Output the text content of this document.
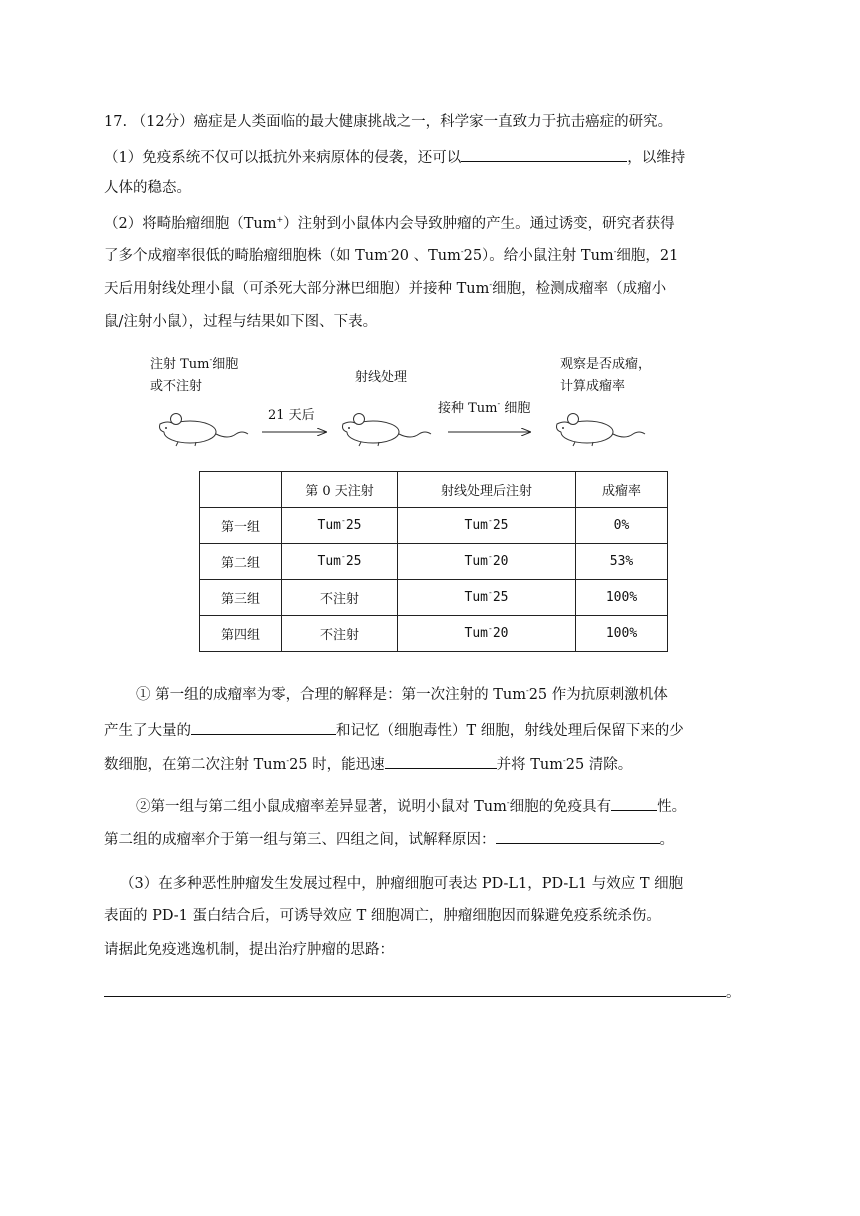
17. （12分）癌症是人类面临的最大健康挑战之一，科学家一直致力于抗击癌症的研究。
（1）免疫系统不仅可以抵抗外来病原体的侵袭，还可以	，以维持
人体的稳态。
（2）将畸胎瘤细胞（Tum+）注射到小鼠体内会导致肿瘤的产生。通过诱变，研究者获得
了多个成瘤率很低的畸胎瘤细胞株（如 Tum-20 、Tum-25）。给小鼠注射 Tum-细胞，21
天后用射线处理小鼠（可杀死大部分淋巴细胞）并接种 Tum-细胞，检测成瘤率（成瘤小
鼠/注射小鼠），过程与结果如下图、下表。
注射 Tum-细胞
或不注射
21 天后
射线处理
接种 Tum- 细胞
观察是否成瘤，
计算成瘤率
	第 0 天注射	射线处理后注射	成瘤率
第一组	Tum-25	Tum-25	0%
第二组	Tum-25	Tum-20	53%
第三组	不注射	Tum-25	100%
第四组	不注射	Tum-20	100%
① 第一组的成瘤率为零，合理的解释是：第一次注射的 Tum-25 作为抗原刺激机体
产生了大量的	和记忆（细胞毒性）T 细胞，射线处理后保留下来的少
数细胞，在第二次注射 Tum-25 时，能迅速	并将 Tum-25 清除。
②第一组与第二组小鼠成瘤率差异显著，说明小鼠对 Tum-细胞的免疫具有	性。
第二组的成瘤率介于第一组与第三、四组之间，试解释原因：	。
（3）在多种恶性肿瘤发生发展过程中，肿瘤细胞可表达 PD-L1，PD-L1 与效应 T 细胞
表面的 PD-1 蛋白结合后，可诱导效应 T 细胞凋亡，肿瘤细胞因而躲避免疫系统杀伤。
请据此免疫逃逸机制，提出治疗肿瘤的思路：
。
